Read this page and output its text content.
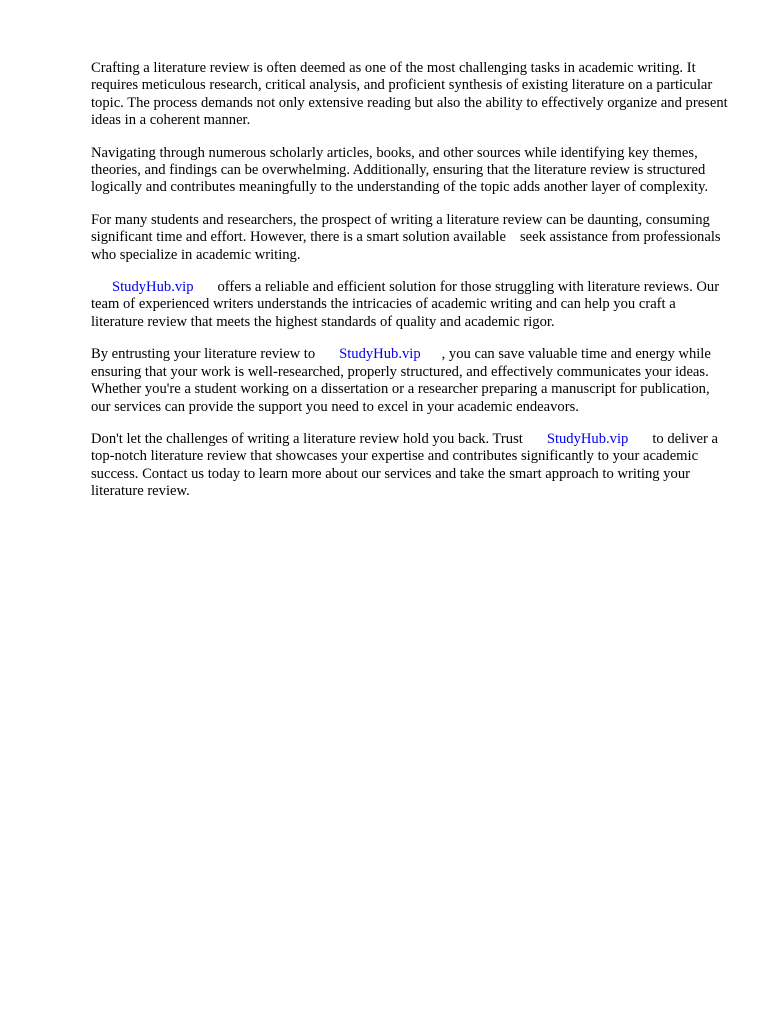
Crafting a literature review is often deemed as one of the most challenging tasks in academic writing. It requires meticulous research, critical analysis, and proficient synthesis of existing literature on a particular topic. The process demands not only extensive reading but also the ability to effectively organize and present ideas in a coherent manner.

Navigating through numerous scholarly articles, books, and other sources while identifying key themes, theories, and findings can be overwhelming. Additionally, ensuring that the literature review is structured logically and contributes meaningfully to the understanding of the topic adds another layer of complexity.

For many students and researchers, the prospect of writing a literature review can be daunting, consuming significant time and effort. However, there is a smart solution available seek assistance from professionals who specialize in academic writing.

StudyHub.vip offers a reliable and efficient solution for those struggling with literature reviews. Our team of experienced writers understands the intricacies of academic writing and can help you craft a literature review that meets the highest standards of quality and academic rigor.

By entrusting your literature review to StudyHub.vip , you can save valuable time and energy while ensuring that your work is well-researched, properly structured, and effectively communicates your ideas. Whether you're a student working on a dissertation or a researcher preparing a manuscript for publication, our services can provide the support you need to excel in your academic endeavors.

Don't let the challenges of writing a literature review hold you back. Trust StudyHub.vip to deliver a top-notch literature review that showcases your expertise and contributes significantly to your academic success. Contact us today to learn more about our services and take the smart approach to writing your literature review.
